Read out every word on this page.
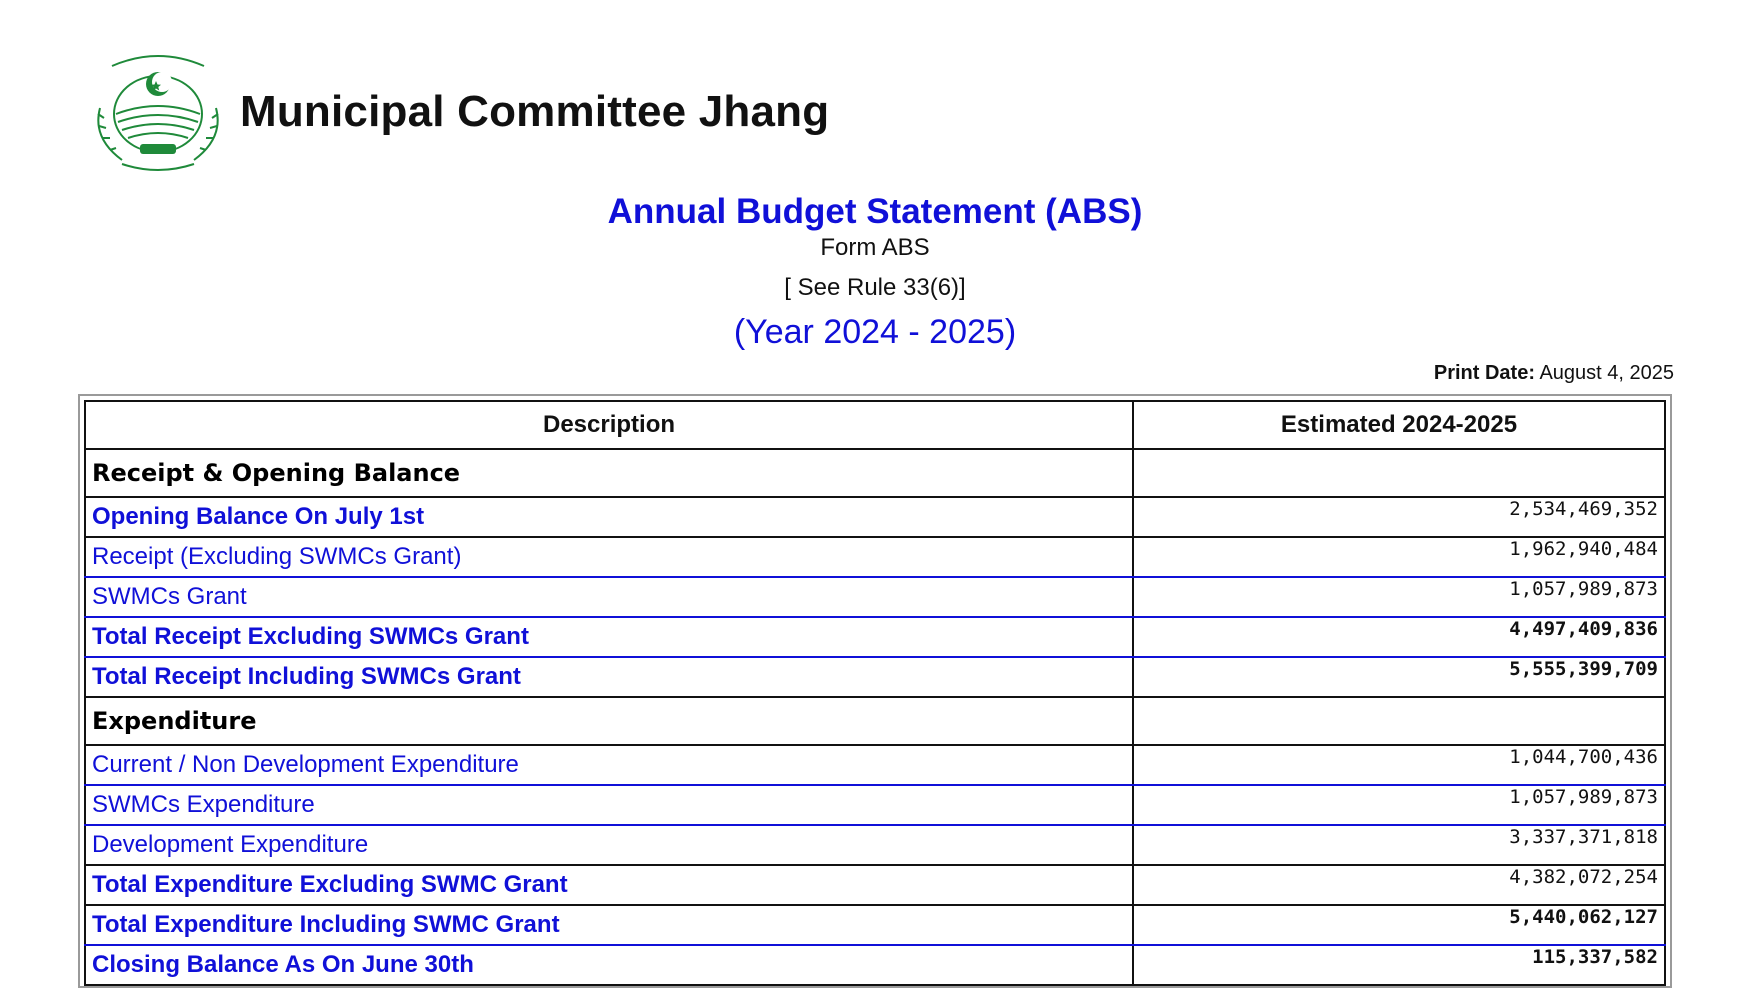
Municipal Committee Jhang
Annual Budget Statement (ABS)
Form ABS
[ See Rule 33(6)]
(Year 2024 - 2025)
Print Date: August 4, 2025
Description	Estimated 2024-2025
Receipt & Opening Balance	
Opening Balance On July 1st	2,534,469,352
Receipt (Excluding SWMCs Grant)	1,962,940,484
SWMCs Grant	1,057,989,873
Total Receipt Excluding SWMCs Grant	4,497,409,836
Total Receipt Including SWMCs Grant	5,555,399,709
Expenditure	
Current / Non Development Expenditure	1,044,700,436
SWMCs Expenditure	1,057,989,873
Development Expenditure	3,337,371,818
Total Expenditure Excluding SWMC Grant	4,382,072,254
Total Expenditure Including SWMC Grant	5,440,062,127
Closing Balance As On June 30th	115,337,582
